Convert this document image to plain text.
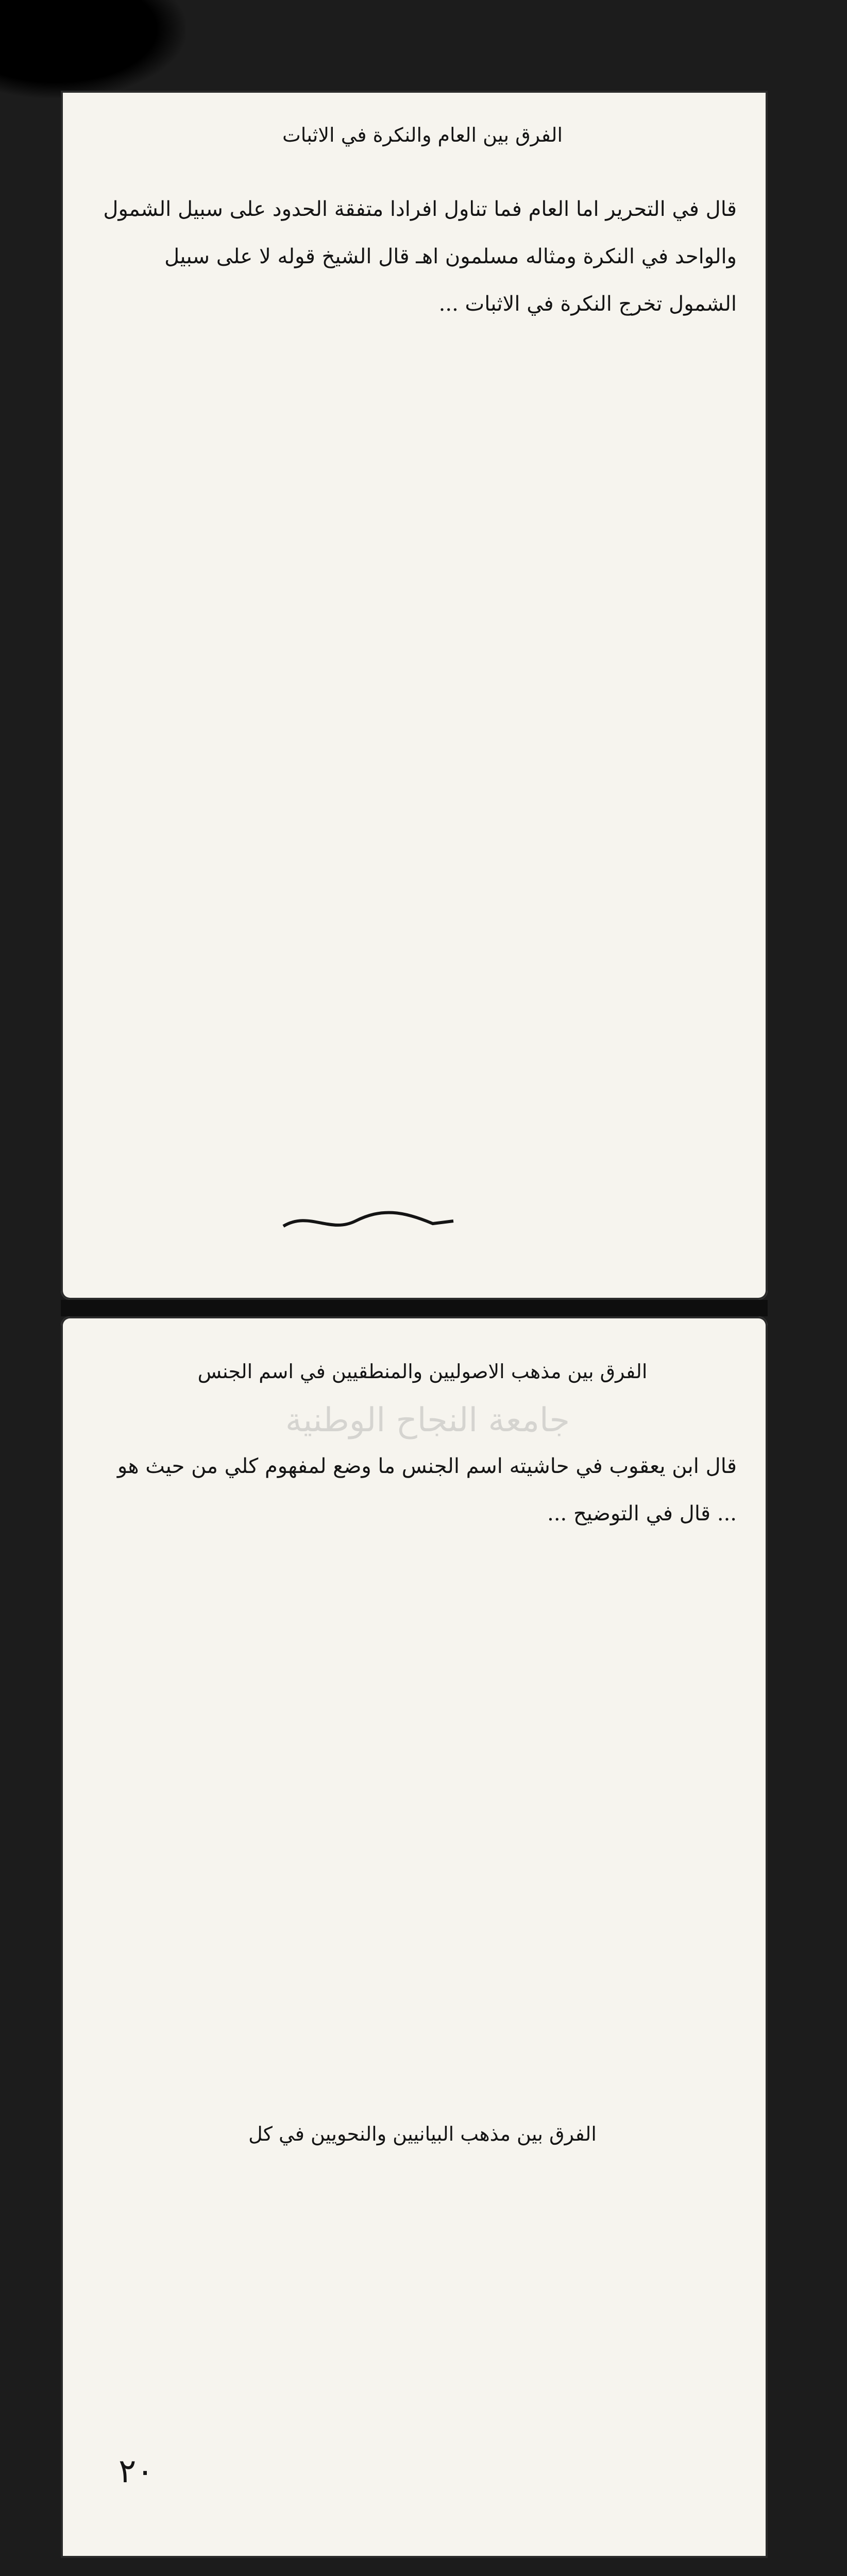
الفرق بين العام والنكرة في الاثبات
قال في التحرير اما العام فما تناول افرادا متفقة الحدود على سبيل الشمول والواحد في النكرة ومثاله مسلمون اهـ قال الشيخ قوله لا على سبيل الشمول تخرج النكرة في الاثبات ...
جامعة النجاح الوطنية
الفرق بين مذهب الاصوليين والمنطقيين في اسم الجنس
قال ابن يعقوب في حاشيته اسم الجنس ما وضع لمفهوم كلي من حيث هو ... قال في التوضيح ...
الفرق بين مذهب البيانيين والنحويين في كل
٢٠
